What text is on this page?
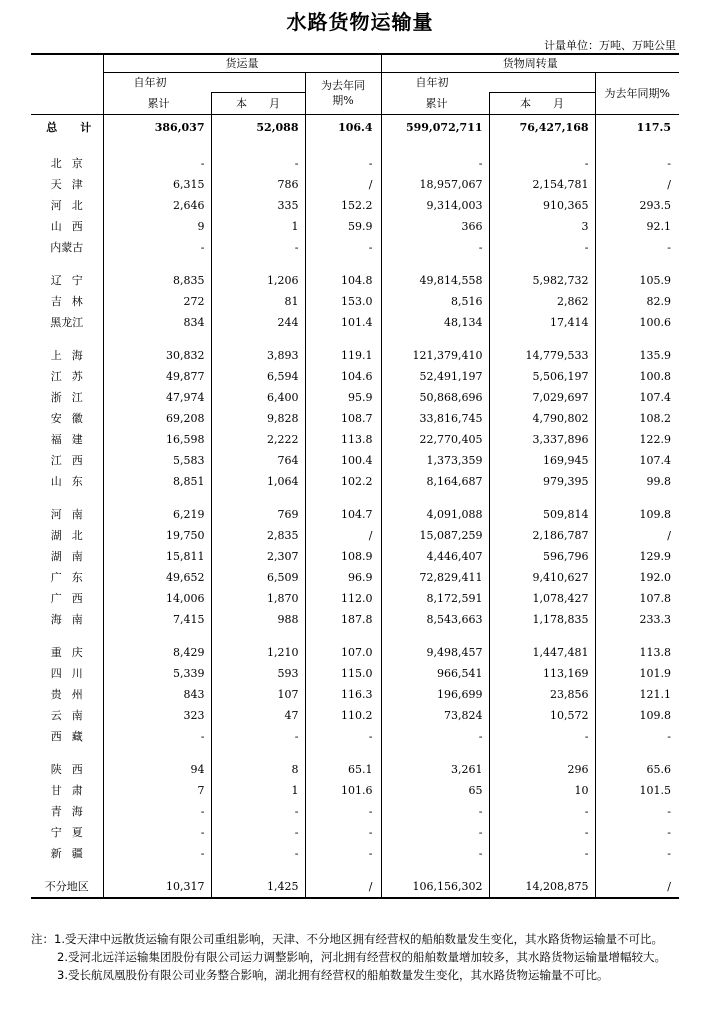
水路货物运输量
计量单位：万吨、万吨公里
	货运量			货物周转量		
	自年初		为去年同期%	自年初		为去年同期%
	累计	本　　月		累计	本　　月	
总　计	386,037	52,088	106.4	599,072,711	76,427,168	117.5

北京	-	-	-	-	-	-
天津	6,315	786	/	18,957,067	2,154,781	/
河北	2,646	335	152.2	9,314,003	910,365	293.5
山西	9	1	59.9	366	3	92.1
内蒙古	-	-	-	-	-	-

辽宁	8,835	1,206	104.8	49,814,558	5,982,732	105.9
吉林	272	81	153.0	8,516	2,862	82.9
黑龙江	834	244	101.4	48,134	17,414	100.6

上海	30,832	3,893	119.1	121,379,410	14,779,533	135.9
江苏	49,877	6,594	104.6	52,491,197	5,506,197	100.8
浙江	47,974	6,400	95.9	50,868,696	7,029,697	107.4
安徽	69,208	9,828	108.7	33,816,745	4,790,802	108.2
福建	16,598	2,222	113.8	22,770,405	3,337,896	122.9
江西	5,583	764	100.4	1,373,359	169,945	107.4
山东	8,851	1,064	102.2	8,164,687	979,395	99.8

河南	6,219	769	104.7	4,091,088	509,814	109.8
湖北	19,750	2,835	/	15,087,259	2,186,787	/
湖南	15,811	2,307	108.9	4,446,407	596,796	129.9
广东	49,652	6,509	96.9	72,829,411	9,410,627	192.0
广西	14,006	1,870	112.0	8,172,591	1,078,427	107.8
海南	7,415	988	187.8	8,543,663	1,178,835	233.3

重庆	8,429	1,210	107.0	9,498,457	1,447,481	113.8
四川	5,339	593	115.0	966,541	113,169	101.9
贵州	843	107	116.3	196,699	23,856	121.1
云南	323	47	110.2	73,824	10,572	109.8
西藏	-	-	-	-	-	-

陕西	94	8	65.1	3,261	296	65.6
甘肃	7	1	101.6	65	10	101.5
青海	-	-	-	-	-	-
宁夏	-	-	-	-	-	-
新疆	-	-	-	-	-	-

不分地区	10,317	1,425	/	106,156,302	14,208,875	/

注：1.受天津中远散货运输有限公司重组影响，天津、不分地区拥有经营权的船舶数量发生变化，其水路货物运输量不可比。

2.受河北远洋运输集团股份有限公司运力调整影响，河北拥有经营权的船舶数量增加较多，其水路货物运输量增幅较大。

3.受长航凤凰股份有限公司业务整合影响，湖北拥有经营权的船舶数量发生变化，其水路货物运输量不可比。
